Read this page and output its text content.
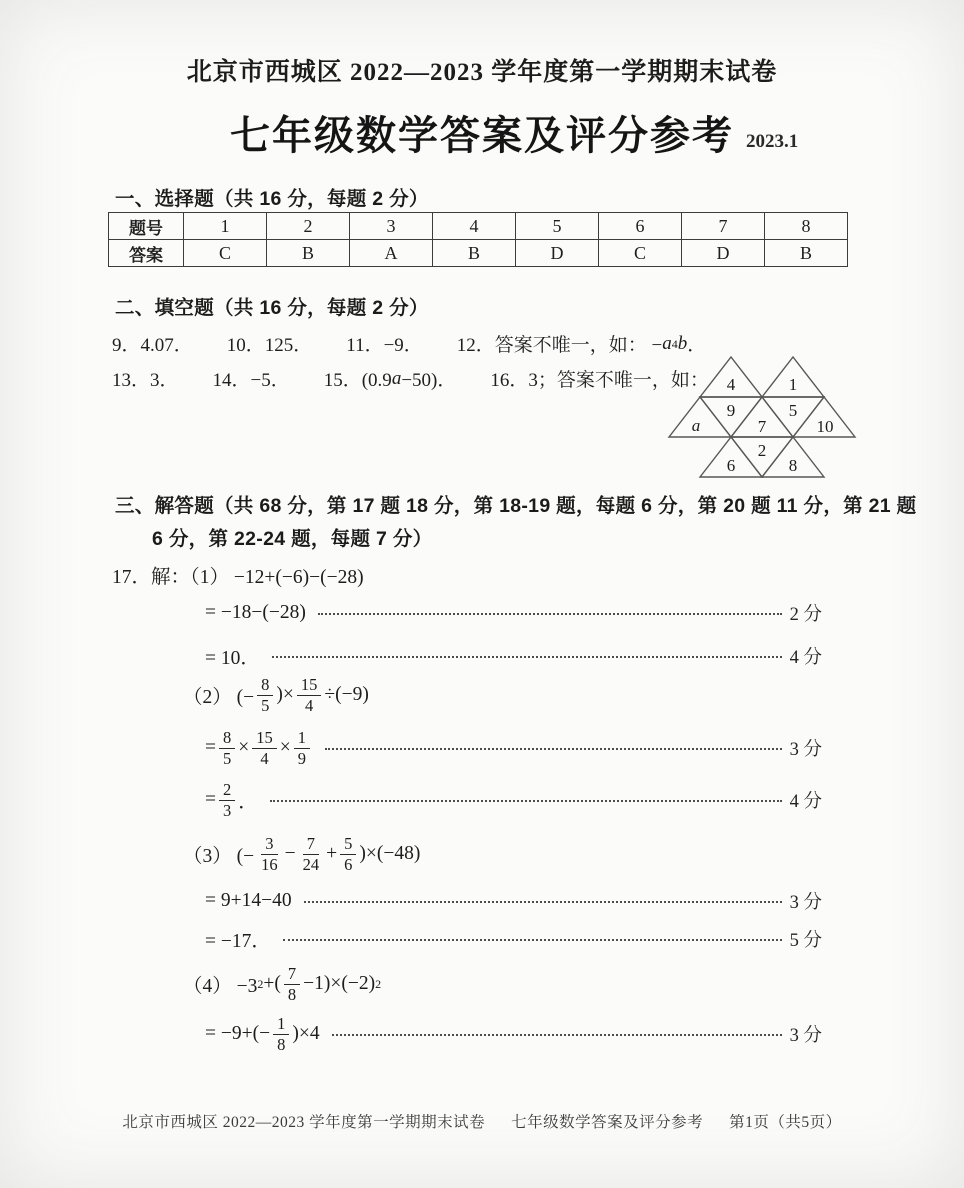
北京市西城区 2022—2023 学年度第一学期期末试卷
七年级数学答案及评分参考 2023.1
一、选择题（共 16 分，每题 2 分）
题号	1	2	3	4	5	6	7	8
答案	C	B	A	B	D	C	D	B
二、填空题（共 16 分，每题 2 分）
9．4.07． 10．125． 11．−9． 12．答案不唯一，如： − a 4 b ．
13．3． 14．−5． 15．(0.9 a −50)． 16．3；答案不唯一，如： 4	1
a
9
7
5
10
6
2
8
三、解答题（共 68 分，第 17 题 18 分，第 18-19 题，每题 6 分，第 20 题 11 分，第 21 题
6 分，第 22-24 题，每题 7 分）
17．解：（1） −12+(−6)−(−28)
= −18−(−28)	2 分
= 10．	4 分
（2） (− $\frac{8}{5}$ )× $\frac{15}{4} \div(-9)$
= $\frac{8}{5} \times \frac{15}{4} \times \frac{1}{9}$	3 分
= $\frac{2}{3}$ ．	4 分
（3） (− $\frac{3}{16} - \frac{7}{24} + \frac{5}{6} )\times(-48)$
= 9+14−40	3 分
= −17．	5 分
（4） −3 2 +( $\frac{7}{8} -1)\times(-2)$ 2
= $-9+(- \frac{1}{8} )\times 4$	3 分
北京市西城区 2022—2023 学年度第一学期期末试卷 七年级数学答案及评分参考 第1页（共5页）
